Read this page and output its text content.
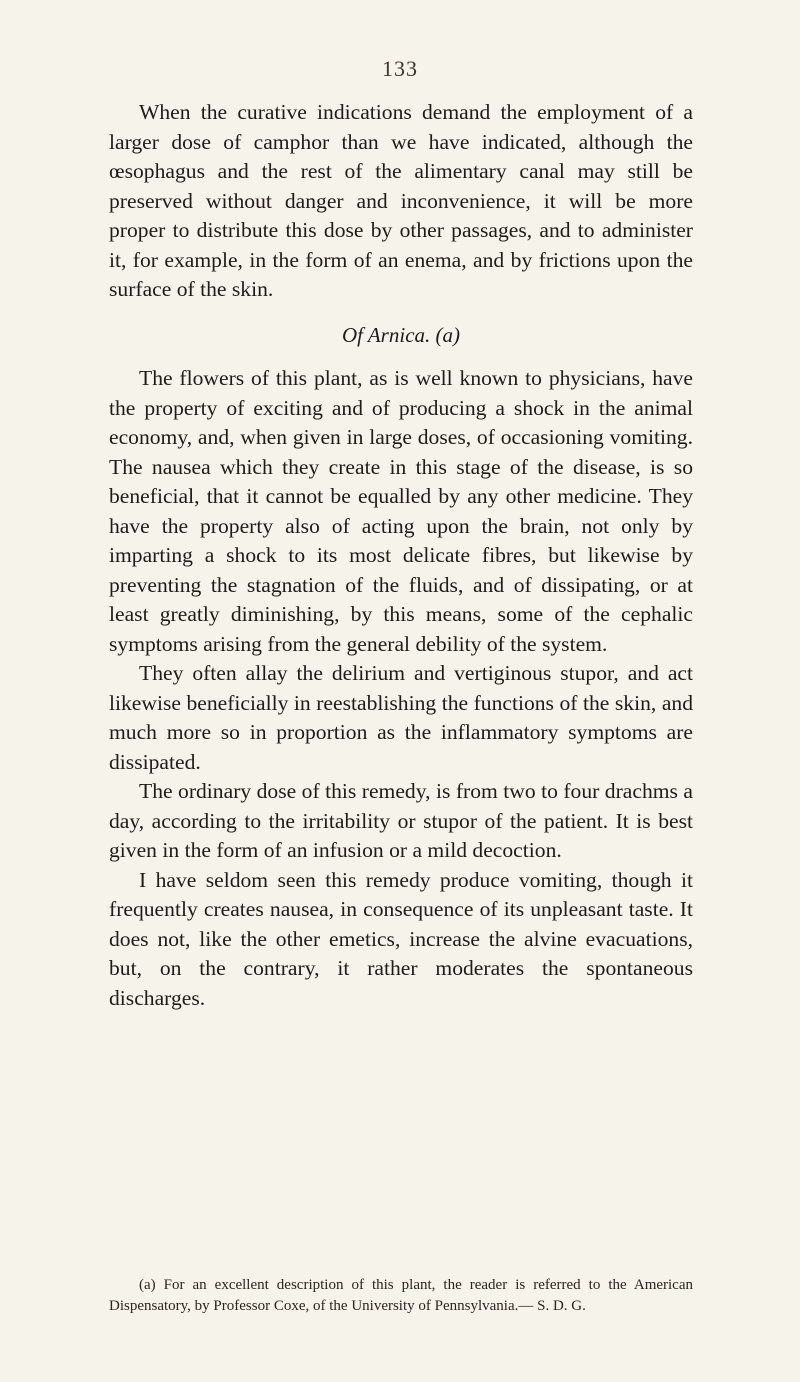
133

When the curative indications demand the employment of a larger dose of camphor than we have indicated, although the œsophagus and the rest of the alimentary canal may still be preserved without danger and inconvenience, it will be more proper to distribute this dose by other passages, and to administer it, for example, in the form of an enema, and by frictions upon the surface of the skin.

Of Arnica. (a)

The flowers of this plant, as is well known to physicians, have the property of exciting and of producing a shock in the animal economy, and, when given in large doses, of occasioning vomiting. The nausea which they create in this stage of the disease, is so beneficial, that it cannot be equalled by any other medicine. They have the property also of acting upon the brain, not only by imparting a shock to its most delicate fibres, but likewise by preventing the stagnation of the fluids, and of dissipating, or at least greatly diminishing, by this means, some of the cephalic symptoms arising from the general debility of the system.

They often allay the delirium and vertiginous stupor, and act likewise beneficially in reestablishing the functions of the skin, and much more so in proportion as the inflammatory symptoms are dissipated.

The ordinary dose of this remedy, is from two to four drachms a day, according to the irritability or stupor of the patient. It is best given in the form of an infusion or a mild decoction.

I have seldom seen this remedy produce vomiting, though it frequently creates nausea, in consequence of its unpleasant taste. It does not, like the other emetics, increase the alvine evacuations, but, on the contrary, it rather moderates the spontaneous discharges.

(a) For an excellent description of this plant, the reader is referred to the American Dispensatory, by Professor Coxe, of the University of Pennsylvania.— S. D. G.
